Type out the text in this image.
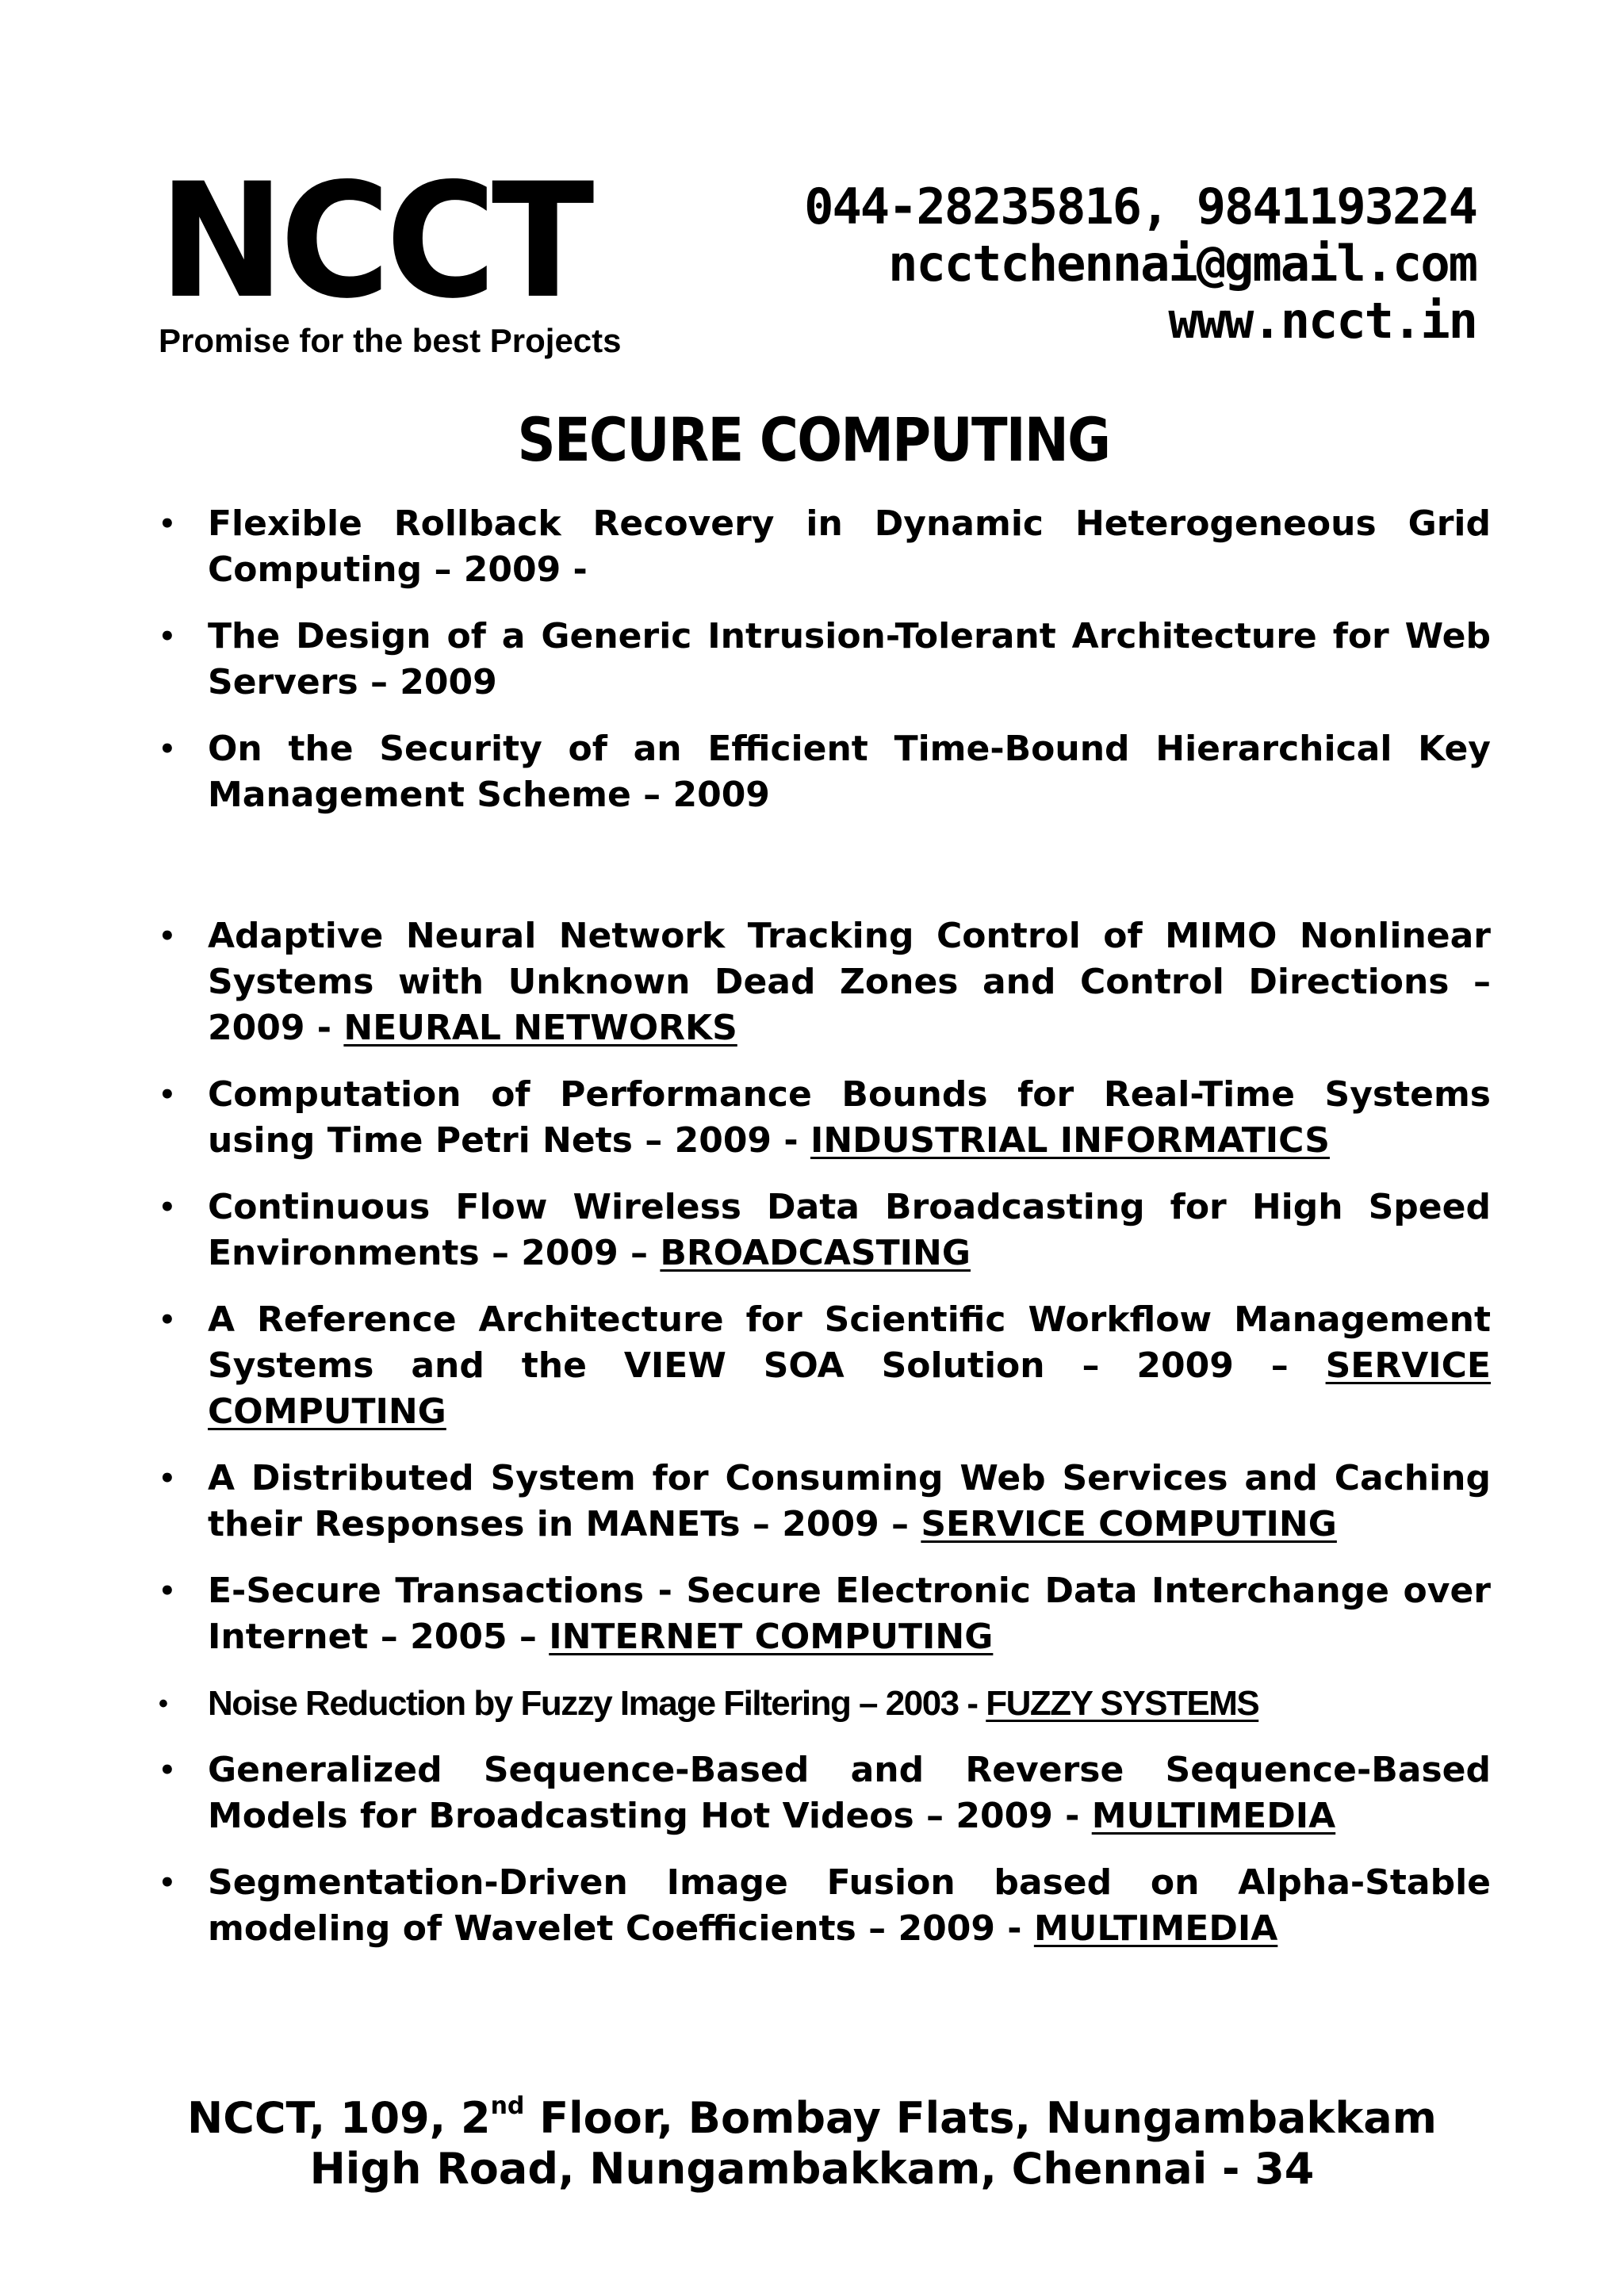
NCCT
Promise for the best Projects
044-28235816, 9841193224
ncctchennai@gmail.com
www.ncct.in
SECURE COMPUTING
• Flexible Rollback Recovery in Dynamic Heterogeneous Grid Computing – 2009 -
• The Design of a Generic Intrusion-Tolerant Architecture for Web Servers – 2009
• On the Security of an Efficient Time-Bound Hierarchical Key Management Scheme – 2009
• Adaptive Neural Network Tracking Control of MIMO Nonlinear Systems with Unknown Dead Zones and Control Directions – 2009 - NEURAL NETWORKS
• Computation of Performance Bounds for Real-Time Systems using Time Petri Nets – 2009 - INDUSTRIAL INFORMATICS
• Continuous Flow Wireless Data Broadcasting for High Speed Environments – 2009 – BROADCASTING
• A Reference Architecture for Scientific Workflow Management Systems and the VIEW SOA Solution – 2009 – SERVICE COMPUTING
• A Distributed System for Consuming Web Services and Caching their Responses in MANETs – 2009 – SERVICE COMPUTING
• E-Secure Transactions - Secure Electronic Data Interchange over Internet – 2005 – INTERNET COMPUTING
• Noise Reduction by Fuzzy Image Filtering – 2003 - FUZZY SYSTEMS
• Generalized Sequence-Based and Reverse Sequence-Based Models for Broadcasting Hot Videos – 2009 - MULTIMEDIA
• Segmentation-Driven Image Fusion based on Alpha-Stable modeling of Wavelet Coefficients – 2009 - MULTIMEDIA
NCCT, 109, 2nd Floor, Bombay Flats, Nungambakkam
High Road, Nungambakkam, Chennai - 34
